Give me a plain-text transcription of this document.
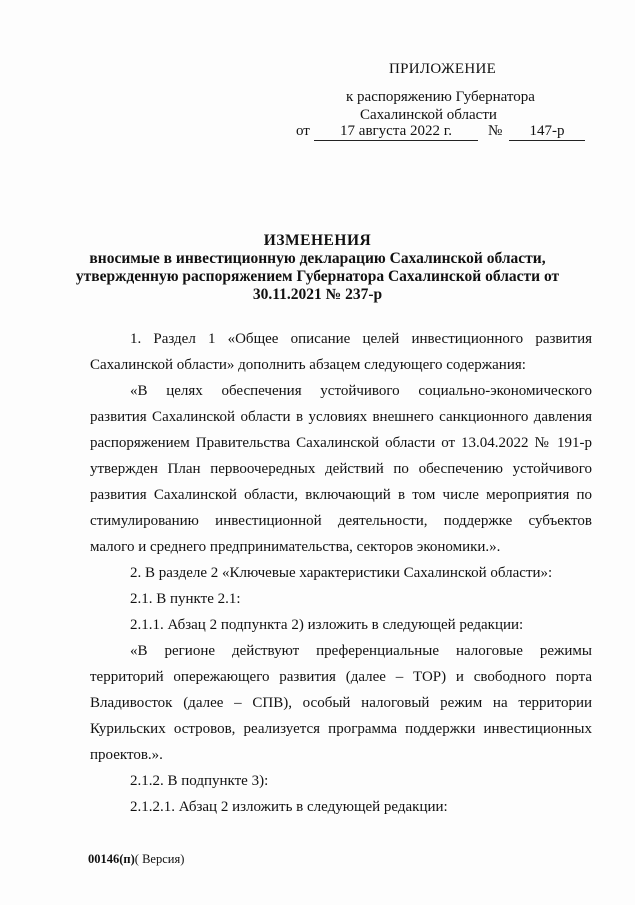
ПРИЛОЖЕНИЕ
к распоряжению Губернатора
Сахалинской области
от	17 августа 2022 г.	№	147-р
ИЗМЕНЕНИЯ
вносимые в инвестиционную декларацию Сахалинской области,
утвержденную распоряжением Губернатора Сахалинской области от
30.11.2021 № 237-р
1. Раздел 1 «Общее описание целей инвестиционного развития
Сахалинской области» дополнить абзацем следующего содержания:
«В целях обеспечения устойчивого социально-экономического
развития Сахалинской области в условиях внешнего санкционного давления
распоряжением Правительства Сахалинской области от 13.04.2022 № 191-р
утвержден План первоочередных действий по обеспечению устойчивого
развития Сахалинской области, включающий в том числе мероприятия по
стимулированию инвестиционной деятельности, поддержке субъектов
малого и среднего предпринимательства, секторов экономики.».
2. В разделе 2 «Ключевые характеристики Сахалинской области»:
2.1. В пункте 2.1:
2.1.1. Абзац 2 подпункта 2) изложить в следующей редакции:
«В регионе действуют преференциальные налоговые режимы
территорий опережающего развития (далее – ТОР) и свободного порта
Владивосток (далее – СПВ), особый налоговый режим на территории
Курильских островов, реализуется программа поддержки инвестиционных
проектов.».
2.1.2. В подпункте 3):
2.1.2.1. Абзац 2 изложить в следующей редакции:
00146(п)( Версия)
